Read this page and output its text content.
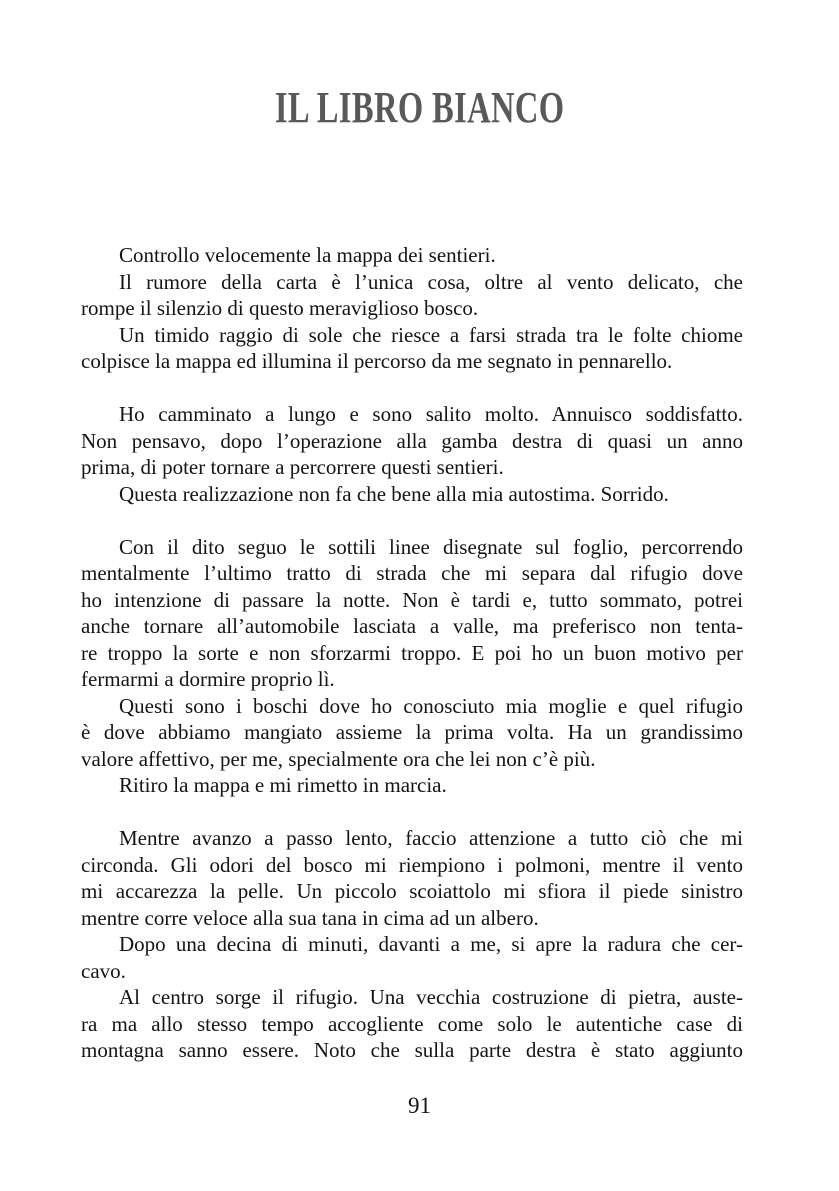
IL LIBRO BIANCO
Controllo velocemente la mappa dei sentieri.
Il rumore della carta è l’unica cosa, oltre al vento delicato, che
rompe il silenzio di questo meraviglioso bosco.
Un timido raggio di sole che riesce a farsi strada tra le folte chiome
colpisce la mappa ed illumina il percorso da me segnato in pennarello.
Ho camminato a lungo e sono salito molto. Annuisco soddisfatto.
Non pensavo, dopo l’operazione alla gamba destra di quasi un anno
prima, di poter tornare a percorrere questi sentieri.
Questa realizzazione non fa che bene alla mia autostima. Sorrido.
Con il dito seguo le sottili linee disegnate sul foglio, percorrendo
mentalmente l’ultimo tratto di strada che mi separa dal rifugio dove
ho intenzione di passare la notte. Non è tardi e, tutto sommato, potrei
anche tornare all’automobile lasciata a valle, ma preferisco non tenta-
re troppo la sorte e non sforzarmi troppo. E poi ho un buon motivo per
fermarmi a dormire proprio lì.
Questi sono i boschi dove ho conosciuto mia moglie e quel rifugio
è dove abbiamo mangiato assieme la prima volta. Ha un grandissimo
valore affettivo, per me, specialmente ora che lei non c’è più.
Ritiro la mappa e mi rimetto in marcia.
Mentre avanzo a passo lento, faccio attenzione a tutto ciò che mi
circonda. Gli odori del bosco mi riempiono i polmoni, mentre il vento
mi accarezza la pelle. Un piccolo scoiattolo mi sfiora il piede sinistro
mentre corre veloce alla sua tana in cima ad un albero.
Dopo una decina di minuti, davanti a me, si apre la radura che cer-
cavo.
Al centro sorge il rifugio. Una vecchia costruzione di pietra, auste-
ra ma allo stesso tempo accogliente come solo le autentiche case di
montagna sanno essere. Noto che sulla parte destra è stato aggiunto
91
